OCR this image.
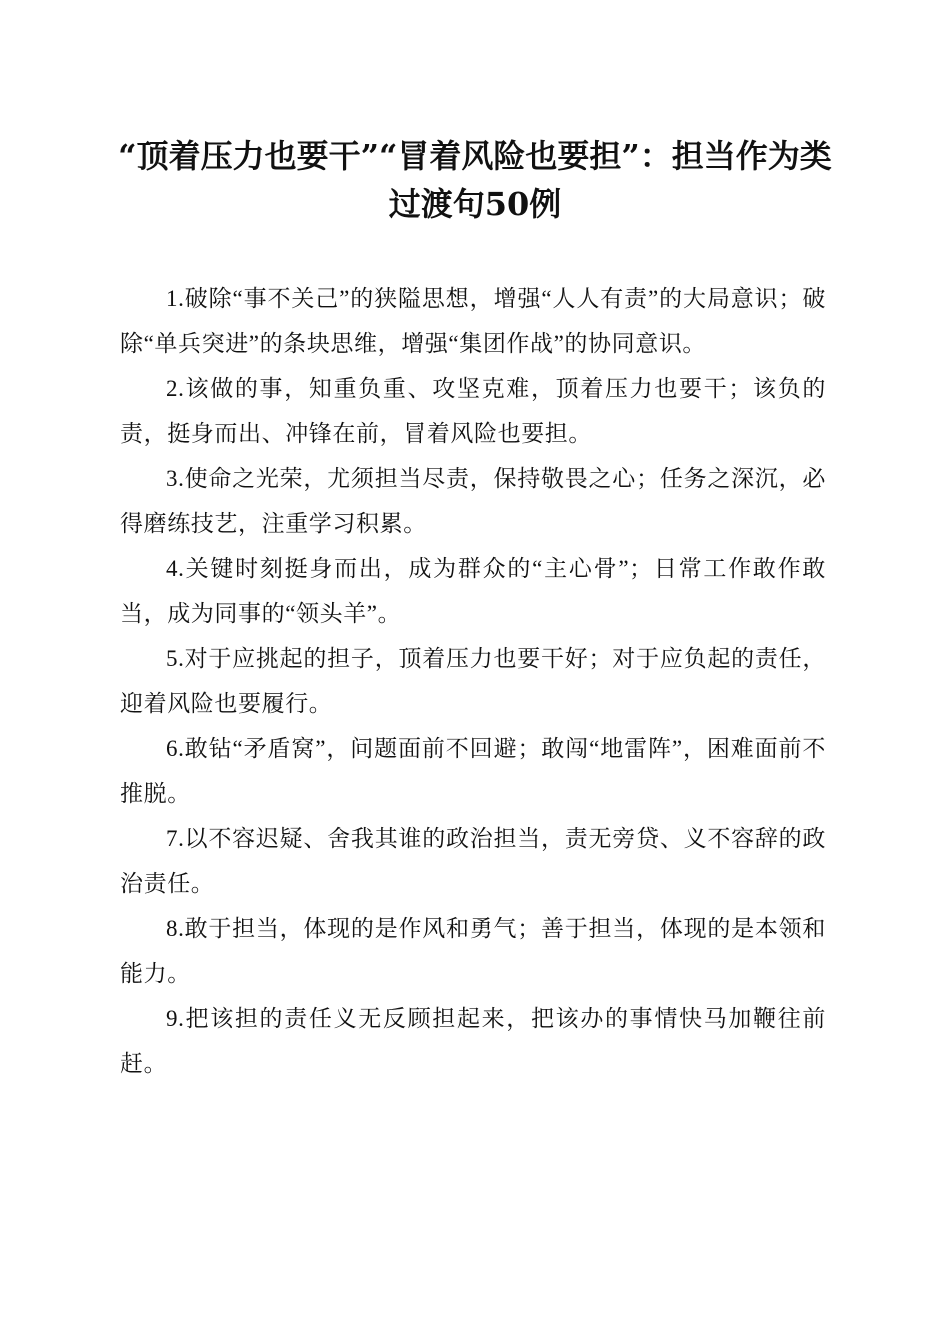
“顶着压力也要干”“冒着风险也要担”：担当作为类过渡句50例

1.破除“事不关己”的狭隘思想，增强“人人有责”的大局意识；破除“单兵突进”的条块思维，增强“集团作战”的协同意识。

2.该做的事，知重负重、攻坚克难，顶着压力也要干；该负的责，挺身而出、冲锋在前，冒着风险也要担。

3.使命之光荣，尤须担当尽责，保持敬畏之心；任务之深沉，必得磨练技艺，注重学习积累。

4.关键时刻挺身而出，成为群众的“主心骨”；日常工作敢作敢当，成为同事的“领头羊”。

5.对于应挑起的担子，顶着压力也要干好；对于应负起的责任，迎着风险也要履行。

6.敢钻“矛盾窝”，问题面前不回避；敢闯“地雷阵”，困难面前不推脱。

7.以不容迟疑、舍我其谁的政治担当，责无旁贷、义不容辞的政治责任。

8.敢于担当，体现的是作风和勇气；善于担当，体现的是本领和能力。

9.把该担的责任义无反顾担起来，把该办的事情快马加鞭往前赶。
